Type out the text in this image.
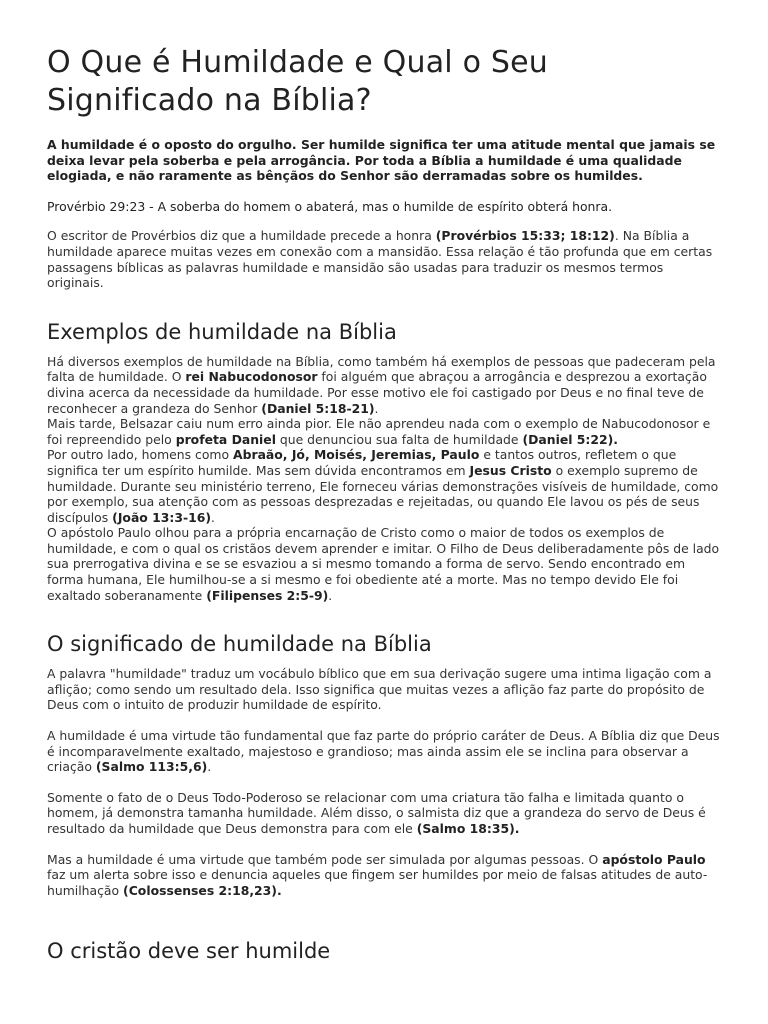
O Que é Humildade e Qual o Seu Significado na Bíblia?

A humildade é o oposto do orgulho. Ser humilde significa ter uma atitude mental que jamais se deixa levar pela soberba e pela arrogância. Por toda a Bíblia a humildade é uma qualidade elogiada, e não raramente as bênçãos do Senhor são derramadas sobre os humildes.

Provérbio 29:23 - A soberba do homem o abaterá, mas o humilde de espírito obterá honra.

O escritor de Provérbios diz que a humildade precede a honra (Provérbios 15:33; 18:12). Na Bíblia a humildade aparece muitas vezes em conexão com a mansidão. Essa relação é tão profunda que em certas passagens bíblicas as palavras humildade e mansidão são usadas para traduzir os mesmos termos originais.

Exemplos de humildade na Bíblia

Há diversos exemplos de humildade na Bíblia, como também há exemplos de pessoas que padeceram pela falta de humildade. O rei Nabucodonosor foi alguém que abraçou a arrogância e desprezou a exortação divina acerca da necessidade da humildade. Por esse motivo ele foi castigado por Deus e no final teve de reconhecer a grandeza do Senhor (Daniel 5:18-21).

Mais tarde, Belsazar caiu num erro ainda pior. Ele não aprendeu nada com o exemplo de Nabucodonosor e foi repreendido pelo profeta Daniel que denunciou sua falta de humildade (Daniel 5:22).

Por outro lado, homens como Abraão, Jó, Moisés, Jeremias, Paulo e tantos outros, refletem o que significa ter um espírito humilde. Mas sem dúvida encontramos em Jesus Cristo o exemplo supremo de humildade. Durante seu ministério terreno, Ele forneceu várias demonstrações visíveis de humildade, como por exemplo, sua atenção com as pessoas desprezadas e rejeitadas, ou quando Ele lavou os pés de seus discípulos (João 13:3-16).

O apóstolo Paulo olhou para a própria encarnação de Cristo como o maior de todos os exemplos de humildade, e com o qual os cristãos devem aprender e imitar. O Filho de Deus deliberadamente pôs de lado sua prerrogativa divina e se se esvaziou a si mesmo tomando a forma de servo. Sendo encontrado em forma humana, Ele humilhou-se a si mesmo e foi obediente até a morte. Mas no tempo devido Ele foi exaltado soberanamente (Filipenses 2:5-9).

O significado de humildade na Bíblia

A palavra "humildade" traduz um vocábulo bíblico que em sua derivação sugere uma intima ligação com a aflição; como sendo um resultado dela. Isso significa que muitas vezes a aflição faz parte do propósito de Deus com o intuito de produzir humildade de espírito.

A humildade é uma virtude tão fundamental que faz parte do próprio caráter de Deus. A Bíblia diz que Deus é incomparavelmente exaltado, majestoso e grandioso; mas ainda assim ele se inclina para observar a criação (Salmo 113:5,6).

Somente o fato de o Deus Todo-Poderoso se relacionar com uma criatura tão falha e limitada quanto o homem, já demonstra tamanha humildade. Além disso, o salmista diz que a grandeza do servo de Deus é resultado da humildade que Deus demonstra para com ele (Salmo 18:35).

Mas a humildade é uma virtude que também pode ser simulada por algumas pessoas. O apóstolo Paulo faz um alerta sobre isso e denuncia aqueles que fingem ser humildes por meio de falsas atitudes de auto-humilhação (Colossenses 2:18,23).

O cristão deve ser humilde
